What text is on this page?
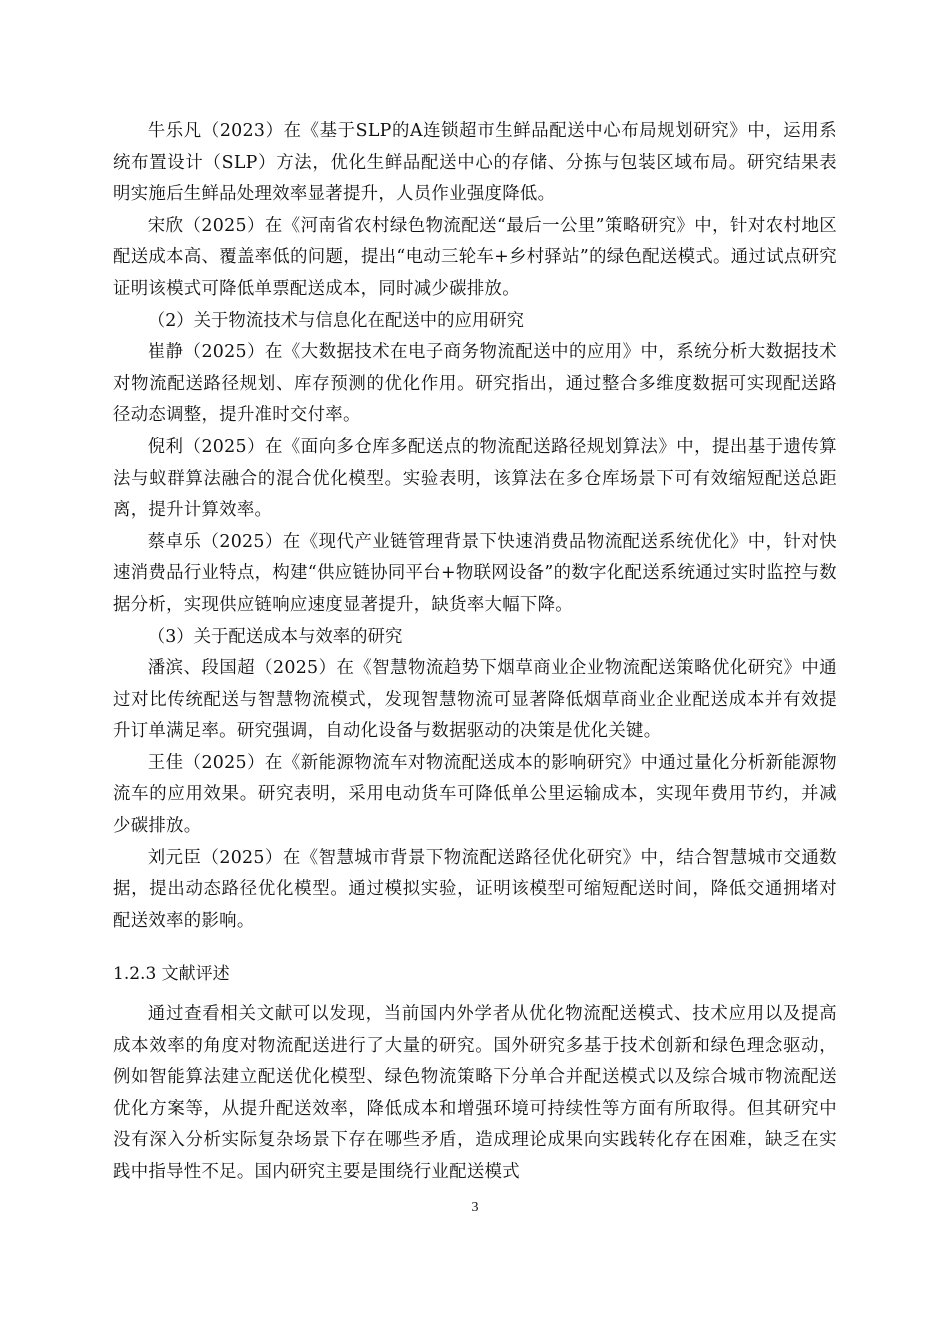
牛乐凡（2023）在《基于SLP的A连锁超市生鲜品配送中心布局规划研究》中，运用系统布置设计（SLP）方法，优化生鲜品配送中心的存储、分拣与包装区域布局。研究结果表明实施后生鲜品处理效率显著提升，人员作业强度降低。

宋欣（2025）在《河南省农村绿色物流配送“最后一公里”策略研究》中，针对农村地区配送成本高、覆盖率低的问题，提出“电动三轮车+乡村驿站”的绿色配送模式。通过试点研究证明该模式可降低单票配送成本，同时减少碳排放。

（2）关于物流技术与信息化在配送中的应用研究

崔静（2025）在《大数据技术在电子商务物流配送中的应用》中，系统分析大数据技术对物流配送路径规划、库存预测的优化作用。研究指出，通过整合多维度数据可实现配送路径动态调整，提升准时交付率。

倪利（2025）在《面向多仓库多配送点的物流配送路径规划算法》中，提出基于遗传算法与蚁群算法融合的混合优化模型。实验表明，该算法在多仓库场景下可有效缩短配送总距离，提升计算效率。

蔡卓乐（2025）在《现代产业链管理背景下快速消费品物流配送系统优化》中，针对快速消费品行业特点，构建“供应链协同平台+物联网设备”的数字化配送系统通过实时监控与数据分析，实现供应链响应速度显著提升，缺货率大幅下降。

（3）关于配送成本与效率的研究

潘滨、段国超（2025）在《智慧物流趋势下烟草商业企业物流配送策略优化研究》中通过对比传统配送与智慧物流模式，发现智慧物流可显著降低烟草商业企业配送成本并有效提升订单满足率。研究强调，自动化设备与数据驱动的决策是优化关键。

王佳（2025）在《新能源物流车对物流配送成本的影响研究》中通过量化分析新能源物流车的应用效果。研究表明，采用电动货车可降低单公里运输成本，实现年费用节约，并减少碳排放。

刘元臣（2025）在《智慧城市背景下物流配送路径优化研究》中，结合智慧城市交通数据，提出动态路径优化模型。通过模拟实验，证明该模型可缩短配送时间，降低交通拥堵对配送效率的影响。

1.2.3 文献评述

通过查看相关文献可以发现，当前国内外学者从优化物流配送模式、技术应用以及提高成本效率的角度对物流配送进行了大量的研究。国外研究多基于技术创新和绿色理念驱动，例如智能算法建立配送优化模型、绿色物流策略下分单合并配送模式以及综合城市物流配送优化方案等，从提升配送效率，降低成本和增强环境可持续性等方面有所取得。但其研究中没有深入分析实际复杂场景下存在哪些矛盾，造成理论成果向实践转化存在困难，缺乏在实践中指导性不足。国内研究主要是围绕行业配送模式

3
